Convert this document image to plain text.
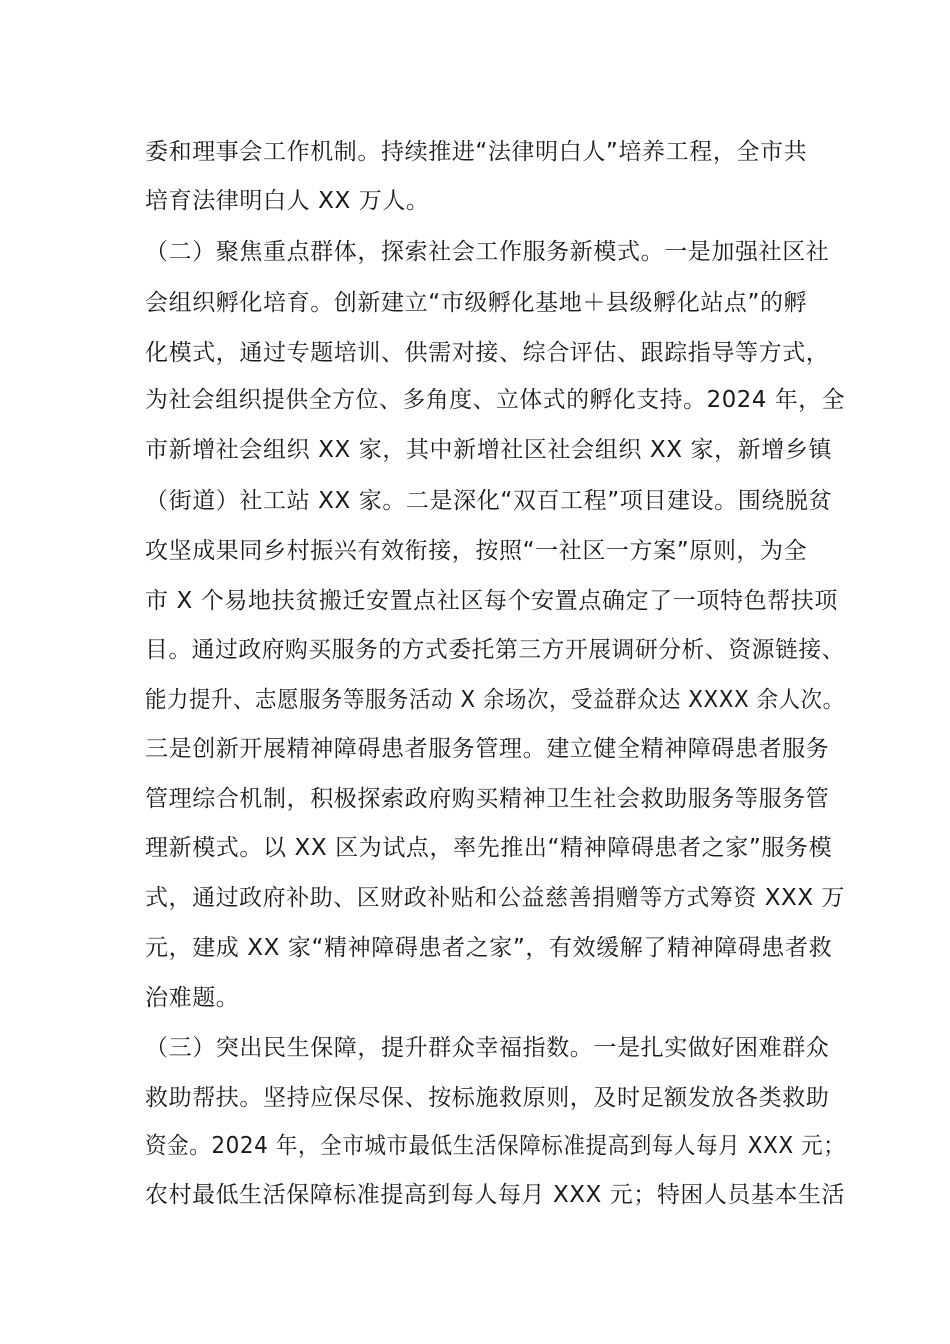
委和理事会工作机制。持续推进“法律明白人”培养工程，全市共
培育法律明白人 XX 万人。
（二）聚焦重点群体，探索社会工作服务新模式。一是加强社区社
会组织孵化培育。创新建立“市级孵化基地＋县级孵化站点”的孵
化模式，通过专题培训、供需对接、综合评估、跟踪指导等方式，
为社会组织提供全方位、多角度、立体式的孵化支持。2024 年，全
市新增社会组织 XX 家，其中新增社区社会组织 XX 家，新增乡镇
（街道）社工站 XX 家。二是深化“双百工程”项目建设。围绕脱贫
攻坚成果同乡村振兴有效衔接，按照“一社区一方案”原则，为全
市 X 个易地扶贫搬迁安置点社区每个安置点确定了一项特色帮扶项
目。通过政府购买服务的方式委托第三方开展调研分析、资源链接、
能力提升、志愿服务等服务活动 X 余场次，受益群众达 XXXX 余人次。
三是创新开展精神障碍患者服务管理。建立健全精神障碍患者服务
管理综合机制，积极探索政府购买精神卫生社会救助服务等服务管
理新模式。以 XX 区为试点，率先推出“精神障碍患者之家”服务模
式，通过政府补助、区财政补贴和公益慈善捐赠等方式筹资 XXX 万
元，建成 XX 家“精神障碍患者之家”，有效缓解了精神障碍患者救
治难题。
（三）突出民生保障，提升群众幸福指数。一是扎实做好困难群众
救助帮扶。坚持应保尽保、按标施救原则，及时足额发放各类救助
资金。2024 年，全市城市最低生活保障标准提高到每人每月 XXX 元；
农村最低生活保障标准提高到每人每月 XXX 元；特困人员基本生活
